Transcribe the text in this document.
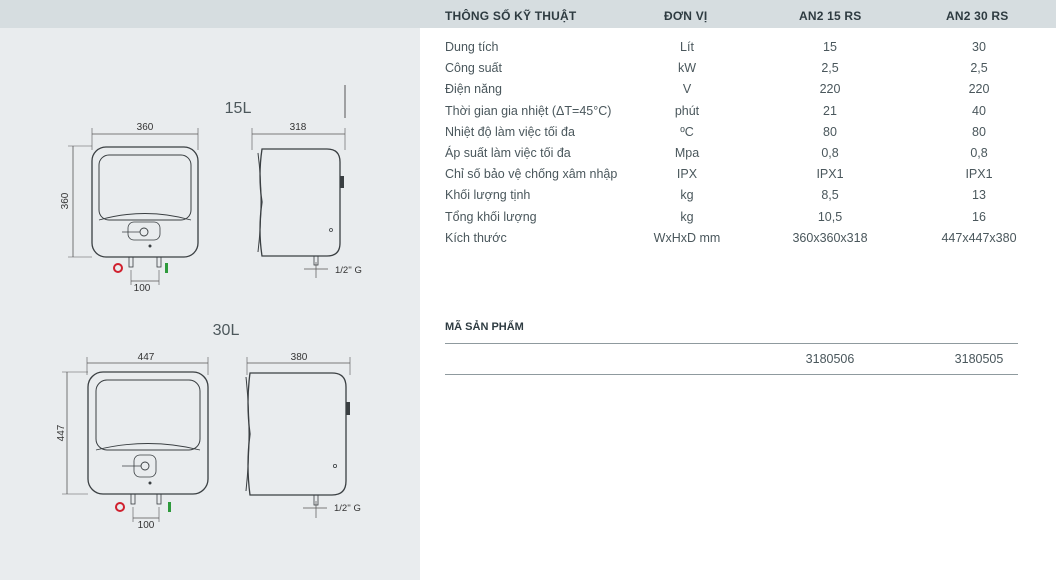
15L
360
360
100
318
1/2'' G
30L
447
447
100
380
1/2'' G
THÔNG SỐ KỸ THUẬT	ĐƠN VỊ	AN2 15 RS	AN2 30 RS
Dung tích	Lít	15	30
Công suất	kW	2,5	2,5
Điện năng	V	220	220
Thời gian gia nhiệt (ΔT=45°C)	phút	21	40
Nhiệt độ làm việc tối đa	ºC	80	80
Áp suất làm việc tối đa	Mpa	0,8	0,8
Chỉ số bảo vệ chống xâm nhập	IPX	IPX1	IPX1
Khối lượng tịnh	kg	8,5	13
Tổng khối lượng	kg	10,5	16
Kích thước	WxHxD mm	360x360x318	447x447x380
MÃ SẢN PHẨM
3180506	3180505
